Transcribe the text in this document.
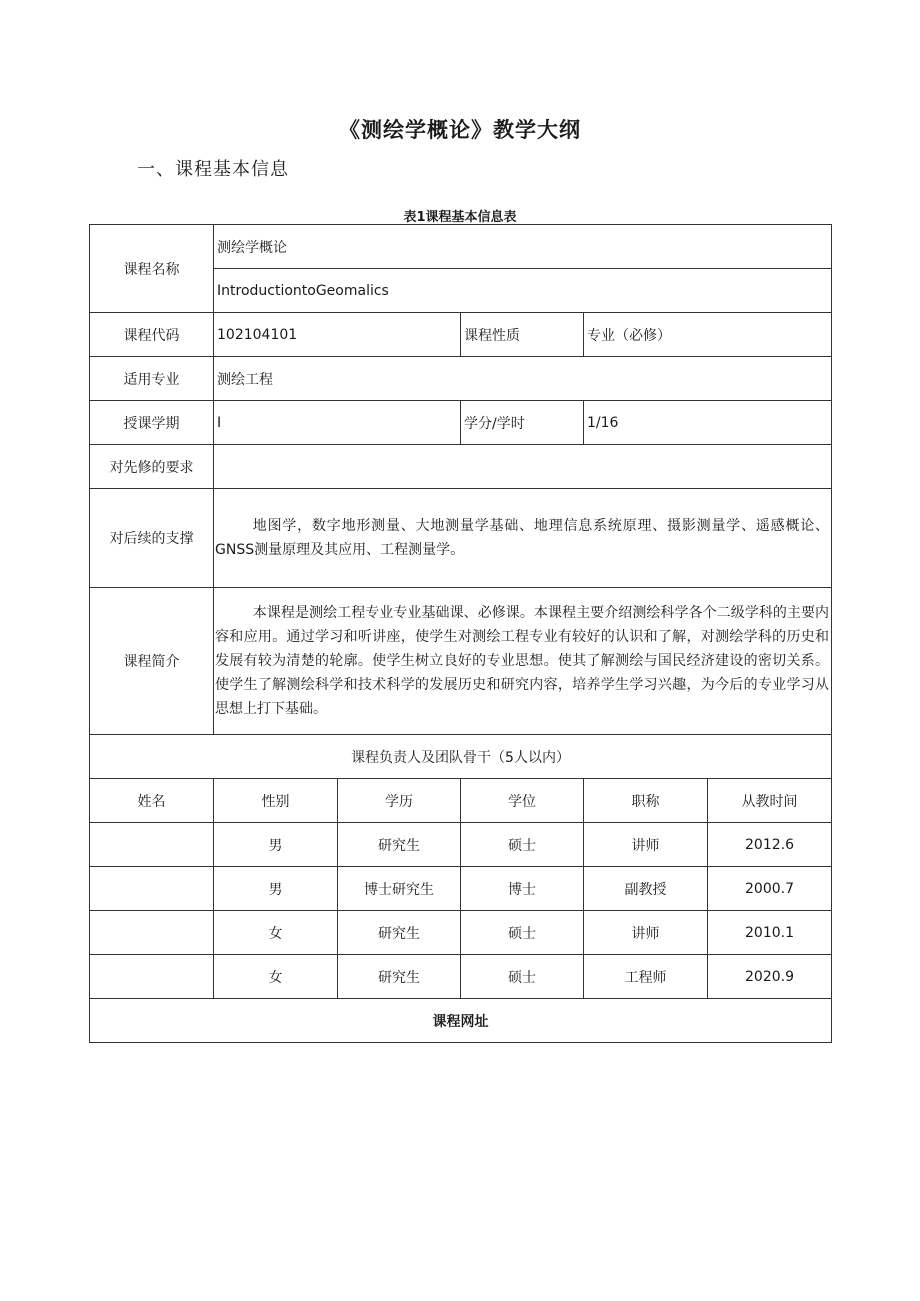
《测绘学概论》教学大纲
一、课程基本信息
表1课程基本信息表
课程名称	测绘学概论				
	IntroductiontoGeomalics				
课程代码	102104101		课程性质	专业（必修）	
适用专业	测绘工程				
授课学期	I		学分/学时	1/16	
对先修的要求					
对后续的支撑	地图学，数字地形测量、大地测量学基础、地理信息系统原理、摄影测量学、遥感概论、GNSS测量原理及其应用、工程测量学。				
课程简介	本课程是测绘工程专业专业基础课、必修课。本课程主要介绍测绘科学各个二级学科的主要内容和应用。通过学习和听讲座，使学生对测绘工程专业有较好的认识和了解，对测绘学科的历史和发展有较为清楚的轮廓。使学生树立良好的专业思想。使其了解测绘与国民经济建设的密切关系。使学生了解测绘科学和技术科学的发展历史和研究内容，培养学生学习兴趣，为今后的专业学习从思想上打下基础。				
课程负责人及团队骨干（5人以内）					
姓名	性别	学历	学位	职称	从教时间
	男	研究生	硕士	讲师	2012.6
	男	博士研究生	博士	副教授	2000.7
	女	研究生	硕士	讲师	2010.1
	女	研究生	硕士	工程师	2020.9
课程网址					
